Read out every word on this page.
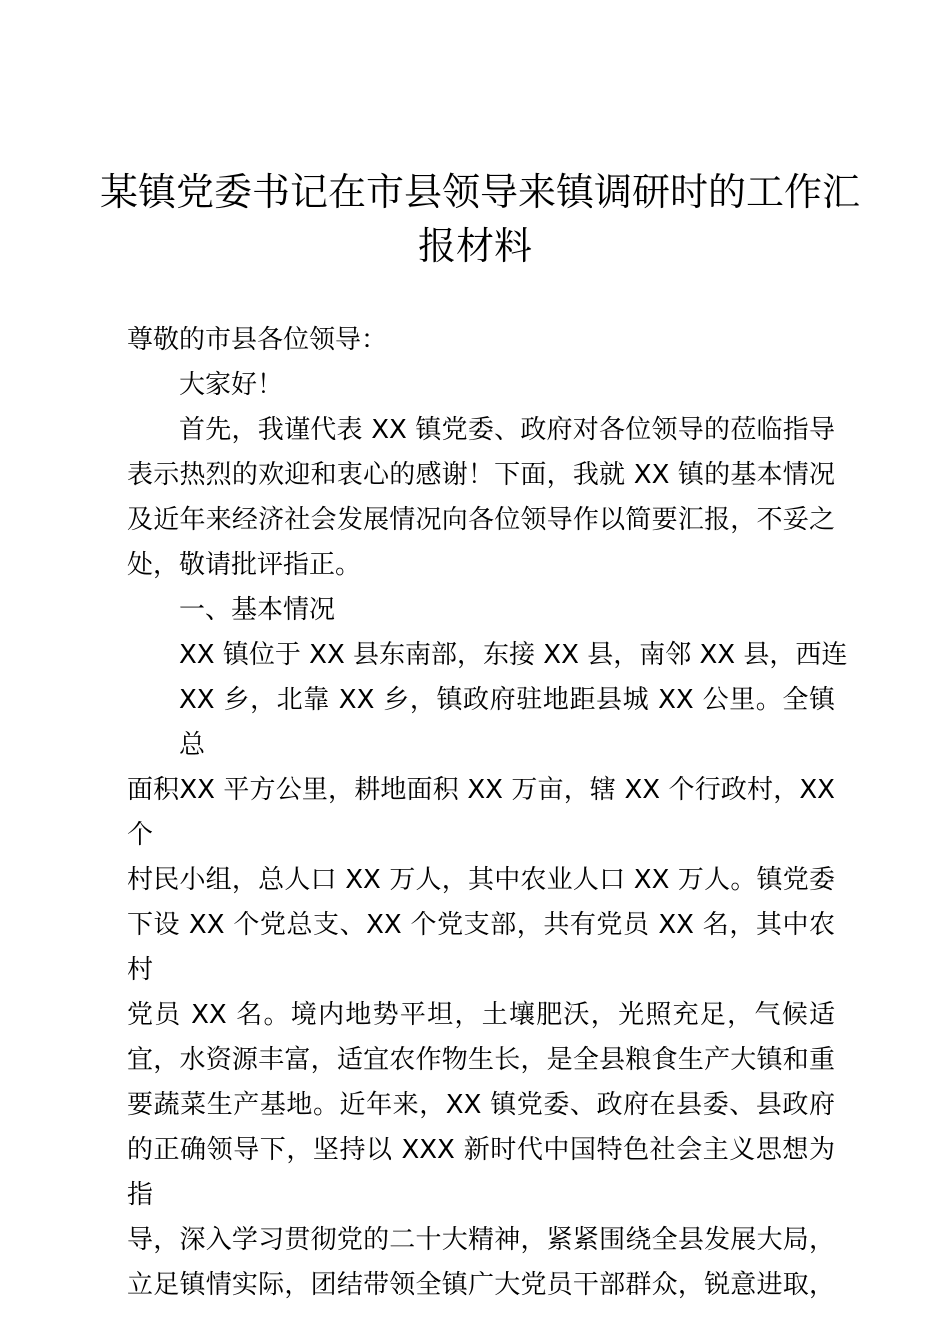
某镇党委书记在市县领导来镇调研时的工作汇
报材料
尊敬的市县各位领导：
大家好！
首先，我谨代表 XX 镇党委、政府对各位领导的莅临指导
表示热烈的欢迎和衷心的感谢！下面，我就 XX 镇的基本情况
及近年来经济社会发展情况向各位领导作以简要汇报，不妥之
处，敬请批评指正。
一、基本情况
XX 镇位于 XX 县东南部，东接 XX 县，南邻 XX 县，西连
XX 乡，北靠 XX 乡，镇政府驻地距县城 XX 公里。全镇总
面积XX 平方公里，耕地面积 XX 万亩，辖 XX 个行政村，XX 个
村民小组，总人口 XX 万人，其中农业人口 XX 万人。镇党委
下设 XX 个党总支、XX 个党支部，共有党员 XX 名，其中农村
党员 XX 名。境内地势平坦，土壤肥沃，光照充足，气候适
宜，水资源丰富，适宜农作物生长，是全县粮食生产大镇和重
要蔬菜生产基地。近年来，XX 镇党委、政府在县委、县政府
的正确领导下，坚持以 XXX 新时代中国特色社会主义思想为指
导，深入学习贯彻党的二十大精神，紧紧围绕全县发展大局，
立足镇情实际，团结带领全镇广大党员干部群众，锐意进取，
